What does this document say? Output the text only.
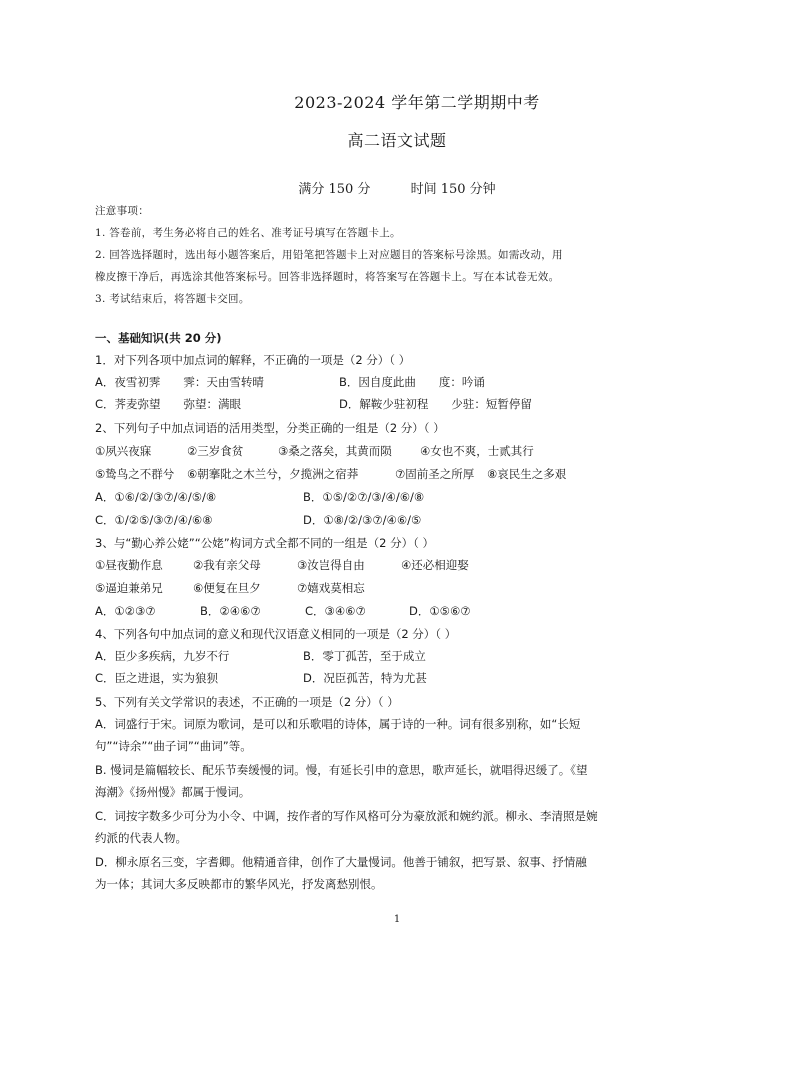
2023-2024 学年第二学期期中考
高二语文试题
满分 150 分	时间 150 分钟
注意事项：
1. 答卷前，考生务必将自己的姓名、准考证号填写在答题卡上。
2. 回答选择题时，选出每小题答案后，用铅笔把答题卡上对应题目的答案标号涂黑。如需改动，用
橡皮擦干净后，再选涂其他答案标号。回答非选择题时，将答案写在答题卡上。写在本试卷无效。
3. 考试结束后，将答题卡交回。
一、基础知识(共 20 分)
1．对下列各项中加点词的解释，不正确的一项是（2 分）（ ）
A．夜雪初霁　　霁：天由雪转晴	B．因自度此曲　　度：吟诵
C．荠麦弥望　　弥望：满眼	D．解鞍少驻初程　　少驻：短暂停留
2、下列句子中加点词语的活用类型，分类正确的一组是（2 分）（ ）
①夙兴夜寐	②三岁食贫	③桑之落矣，其黄而陨 ④女也不爽，士贰其行
⑤鸷鸟之不群兮 ⑥朝搴阰之木兰兮，夕揽洲之宿莽	⑦固前圣之所厚 ⑧哀民生之多艰
A．①⑥/②/③⑦/④/⑤/⑧	B．①⑤/②⑦/③/④/⑥/⑧
C．①/②⑤/③⑦/④/⑥⑧	D．①⑧/②/③⑦/④⑥/⑤
3、与“勤心养公姥”“公姥”构词方式全都不同的一组是（2 分）（ ）
①昼夜勤作息	②我有亲父母	③汝岂得自由	④还必相迎娶
⑤逼迫兼弟兄	⑥便复在旦夕	⑦嬉戏莫相忘
A．①②③⑦	B．②④⑥⑦	C．③④⑥⑦	D．①⑤⑥⑦
4、下列各句中加点词的意义和现代汉语意义相同的一项是（2 分）（ ）
A．臣少多疾病，九岁不行	B．零丁孤苦，至于成立
C．臣之进退，实为狼狈	D．况臣孤苦，特为尤甚
5、下列有关文学常识的表述，不正确的一项是（2 分）（ ）
A．词盛行于宋。词原为歌词，是可以和乐歌唱的诗体，属于诗的一种。词有很多别称，如“长短
句”“诗余”“曲子词”“曲词”等。
B. 慢词是篇幅较长、配乐节奏缓慢的词。慢，有延长引申的意思，歌声延长，就唱得迟缓了。《望
海潮》《扬州慢》都属于慢词。
C．词按字数多少可分为小令、中调，按作者的写作风格可分为豪放派和婉约派。柳永、李清照是婉
约派的代表人物。
D．柳永原名三变，字耆卿。他精通音律，创作了大量慢词。他善于铺叙，把写景、叙事、抒情融
为一体；其词大多反映都市的繁华风光，抒发离愁别恨。
1
